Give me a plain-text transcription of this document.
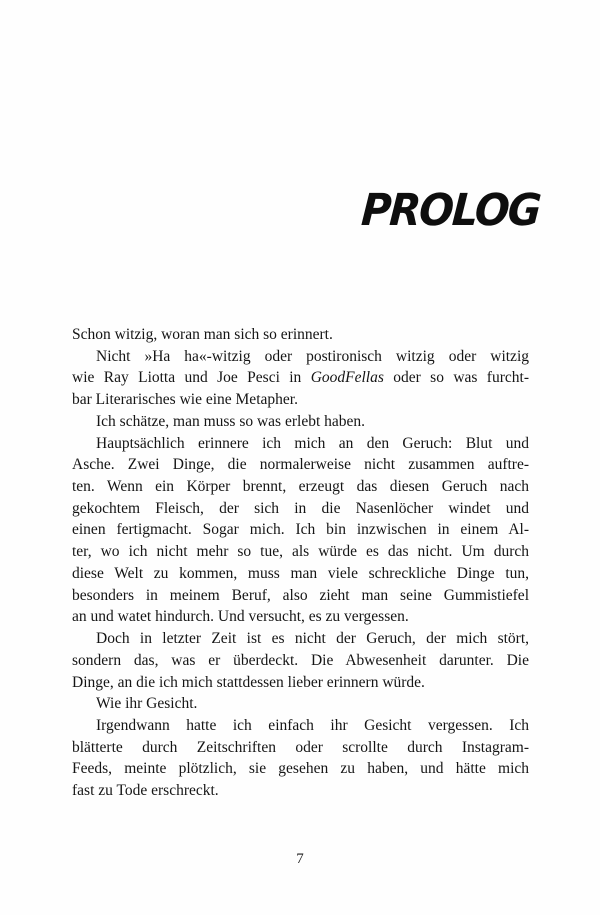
PROLOG

Schon witzig, woran man sich so erinnert.

Nicht »Ha ha«-witzig oder postironisch witzig oder witzig
wie Ray Liotta und Joe Pesci in GoodFellas oder so was furcht-
bar Literarisches wie eine Metapher.

Ich schätze, man muss so was erlebt haben.

Hauptsächlich erinnere ich mich an den Geruch: Blut und
Asche. Zwei Dinge, die normalerweise nicht zusammen auftre-
ten. Wenn ein Körper brennt, erzeugt das diesen Geruch nach
gekochtem Fleisch, der sich in die Nasenlöcher windet und
einen fertigmacht. Sogar mich. Ich bin inzwischen in einem Al-
ter, wo ich nicht mehr so tue, als würde es das nicht. Um durch
diese Welt zu kommen, muss man viele schreckliche Dinge tun,
besonders in meinem Beruf, also zieht man seine Gummistiefel
an und watet hindurch. Und versucht, es zu vergessen.

Doch in letzter Zeit ist es nicht der Geruch, der mich stört,
sondern das, was er überdeckt. Die Abwesenheit darunter. Die
Dinge, an die ich mich stattdessen lieber erinnern würde.

Wie ihr Gesicht.

Irgendwann hatte ich einfach ihr Gesicht vergessen. Ich
blätterte durch Zeitschriften oder scrollte durch Instagram-
Feeds, meinte plötzlich, sie gesehen zu haben, und hätte mich
fast zu Tode erschreckt.

7
